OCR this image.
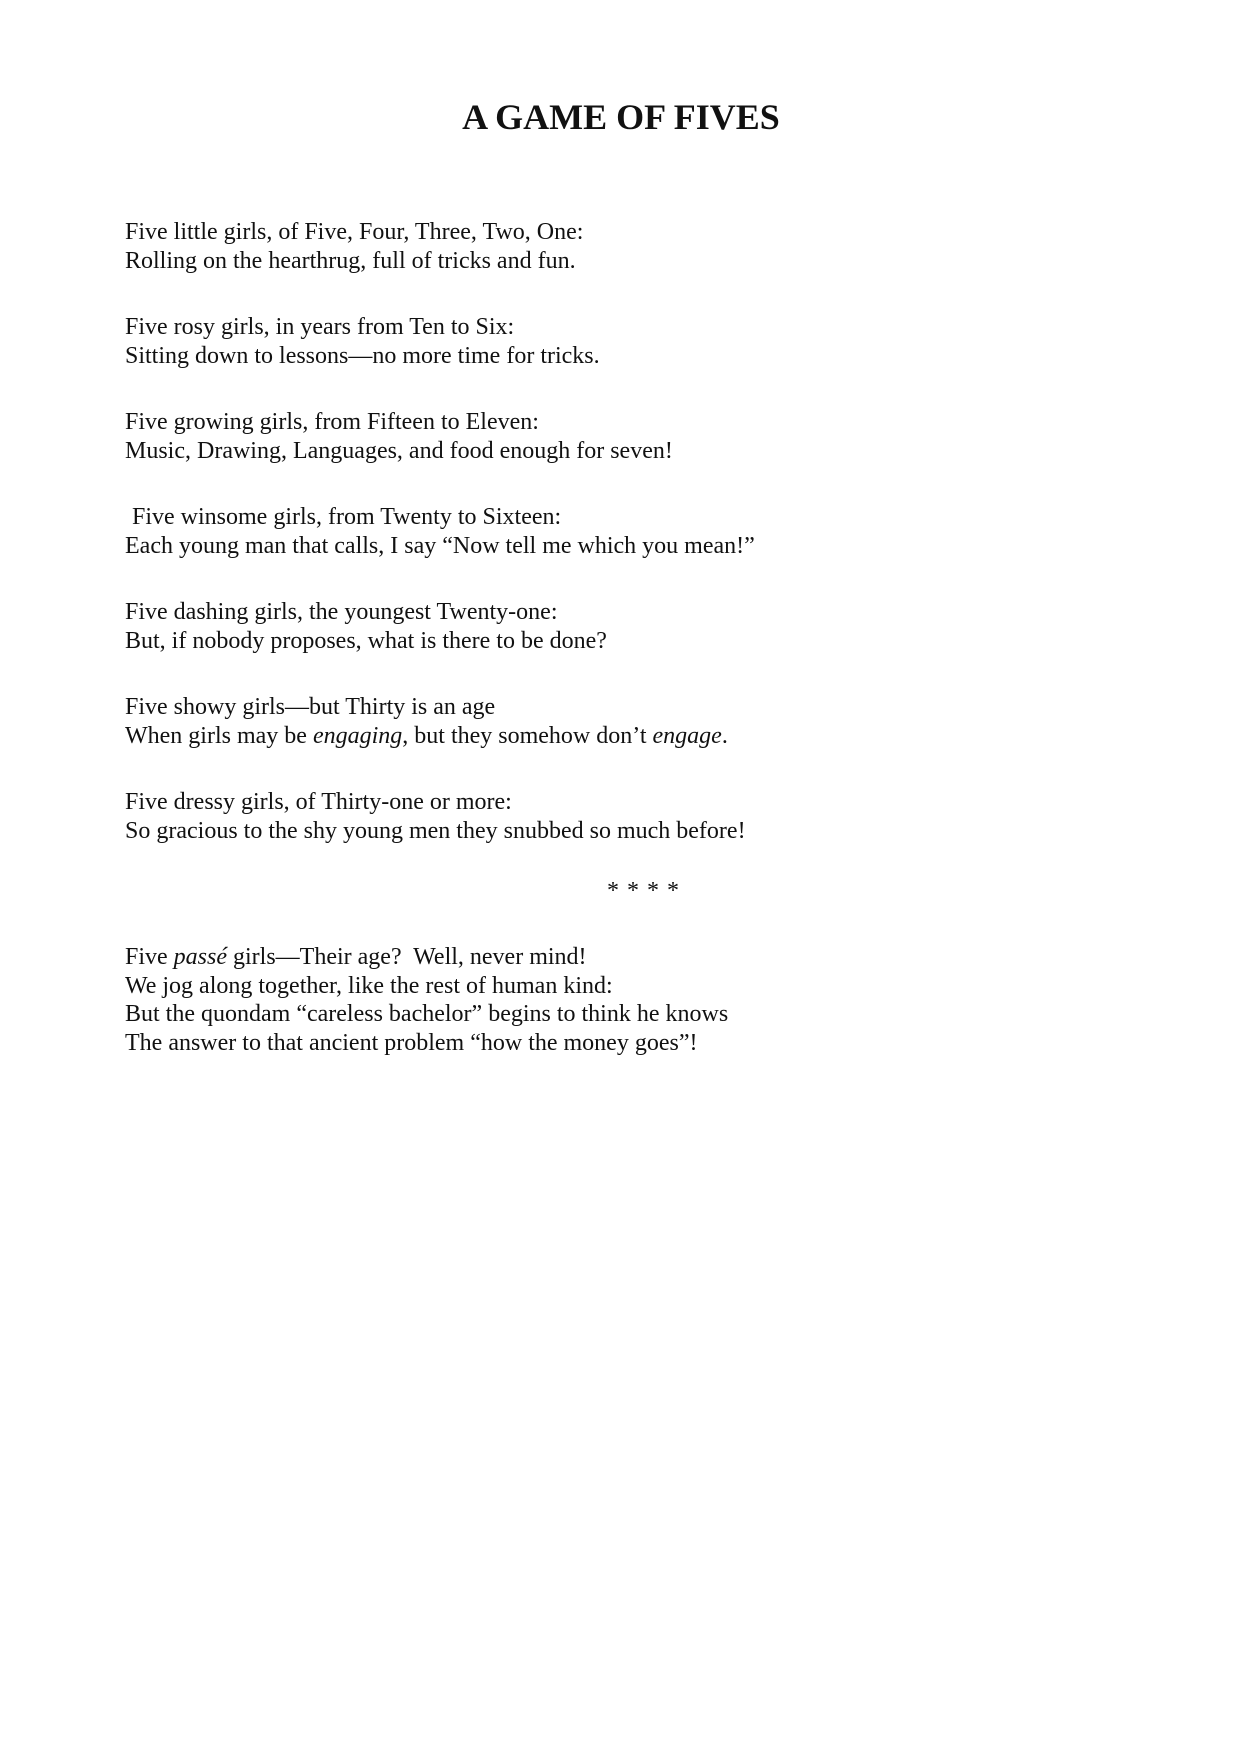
A GAME OF FIVES
Five little girls, of Five, Four, Three, Two, One:
Rolling on the hearthrug, full of tricks and fun.
Five rosy girls, in years from Ten to Six:
Sitting down to lessons—no more time for tricks.
Five growing girls, from Fifteen to Eleven:
Music, Drawing, Languages, and food enough for seven!
Five winsome girls, from Twenty to Sixteen:
Each young man that calls, I say “Now tell me which you mean!”
Five dashing girls, the youngest Twenty-one:
But, if nobody proposes, what is there to be done?
Five showy girls—but Thirty is an age
When girls may be engaging, but they somehow don’t engage.
Five dressy girls, of Thirty-one or more:
So gracious to the shy young men they snubbed so much before!
* * * *
Five passé girls—Their age?  Well, never mind!
We jog along together, like the rest of human kind:
But the quondam “careless bachelor” begins to think he knows
The answer to that ancient problem “how the money goes”!
